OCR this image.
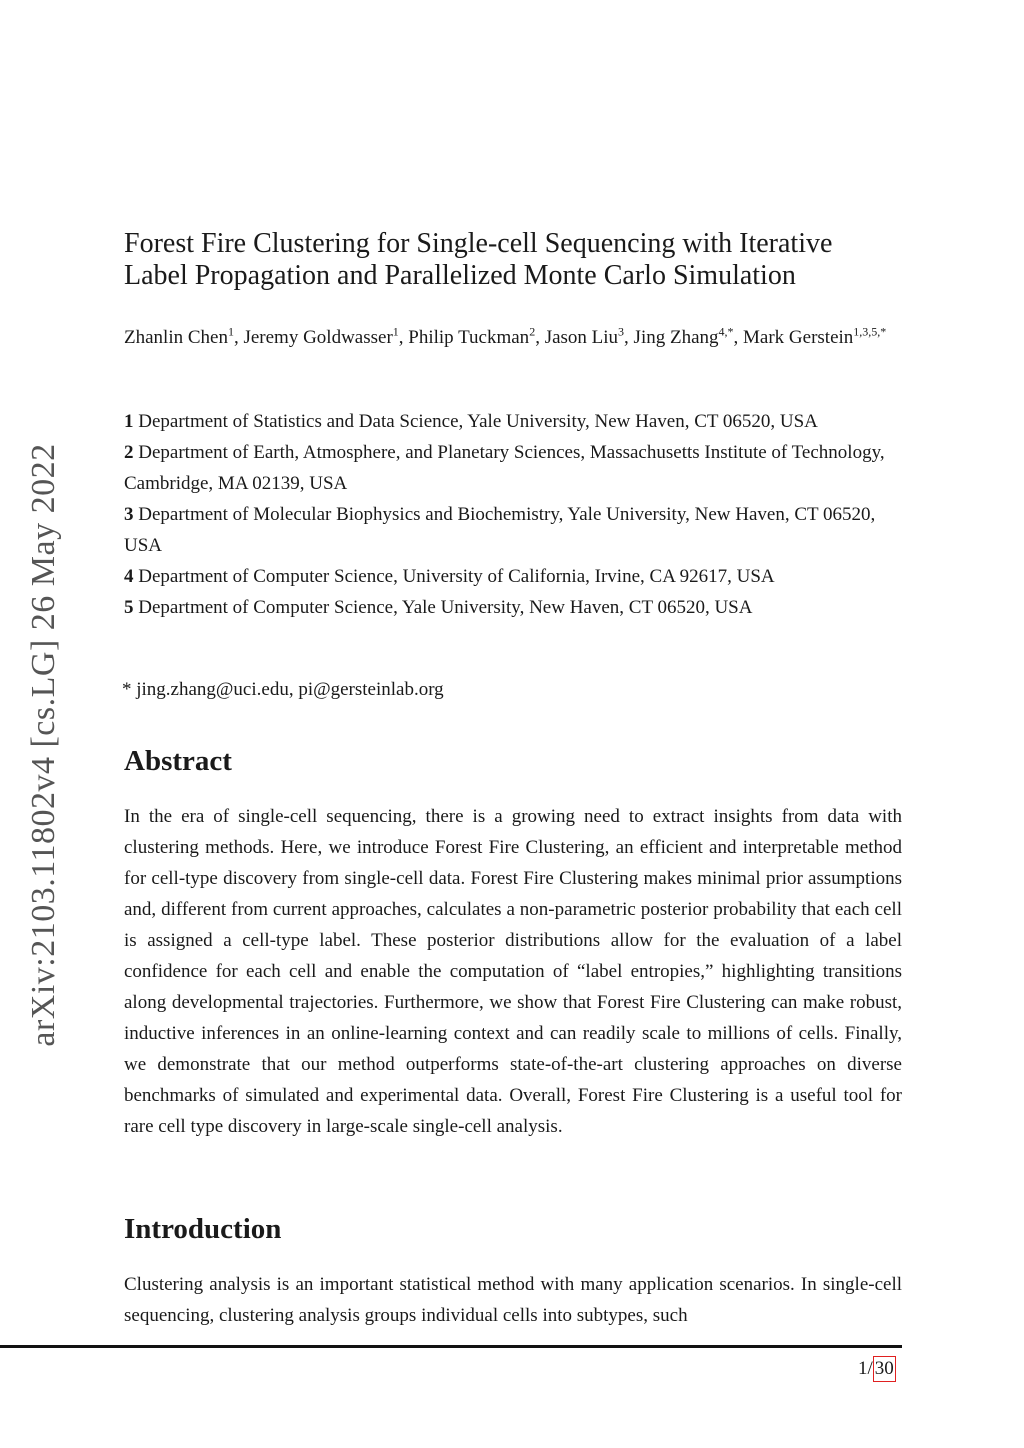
arXiv:2103.11802v4 [cs.LG] 26 May 2022
Forest Fire Clustering for Single-cell Sequencing with Iterative
Label Propagation and Parallelized Monte Carlo Simulation
Zhanlin Chen$^1$, Jeremy Goldwasser$^1$, Philip Tuckman$^2$, Jason Liu$^3$, Jing Zhang$^{4,*}$, Mark Gerstein$^{1,3,5,*}$
1 Department of Statistics and Data Science, Yale University, New Haven, CT 06520, USA
2 Department of Earth, Atmosphere, and Planetary Sciences, Massachusetts Institute of Technology, Cambridge, MA 02139, USA
3 Department of Molecular Biophysics and Biochemistry, Yale University, New Haven, CT 06520, USA
4 Department of Computer Science, University of California, Irvine, CA 92617, USA
5 Department of Computer Science, Yale University, New Haven, CT 06520, USA
* jing.zhang@uci.edu, pi@gersteinlab.org
Abstract
In the era of single-cell sequencing, there is a growing need to extract insights from data with clustering methods. Here, we introduce Forest Fire Clustering, an efficient and interpretable method for cell-type discovery from single-cell data. Forest Fire Clustering makes minimal prior assumptions and, different from current approaches, calculates a non-parametric posterior probability that each cell is assigned a cell-type label. These posterior distributions allow for the evaluation of a label confidence for each cell and enable the computation of “label entropies,” highlighting transitions along developmental trajectories. Furthermore, we show that Forest Fire Clustering can make robust, inductive inferences in an online-learning context and can readily scale to millions of cells. Finally, we demonstrate that our method outperforms state-of-the-art clustering approaches on diverse benchmarks of simulated and experimental data. Overall, Forest Fire Clustering is a useful tool for rare cell type discovery in large-scale single-cell analysis.
Introduction
Clustering analysis is an important statistical method with many application scenarios. In single-cell sequencing, clustering analysis groups individual cells into subtypes, such
1 / 30
